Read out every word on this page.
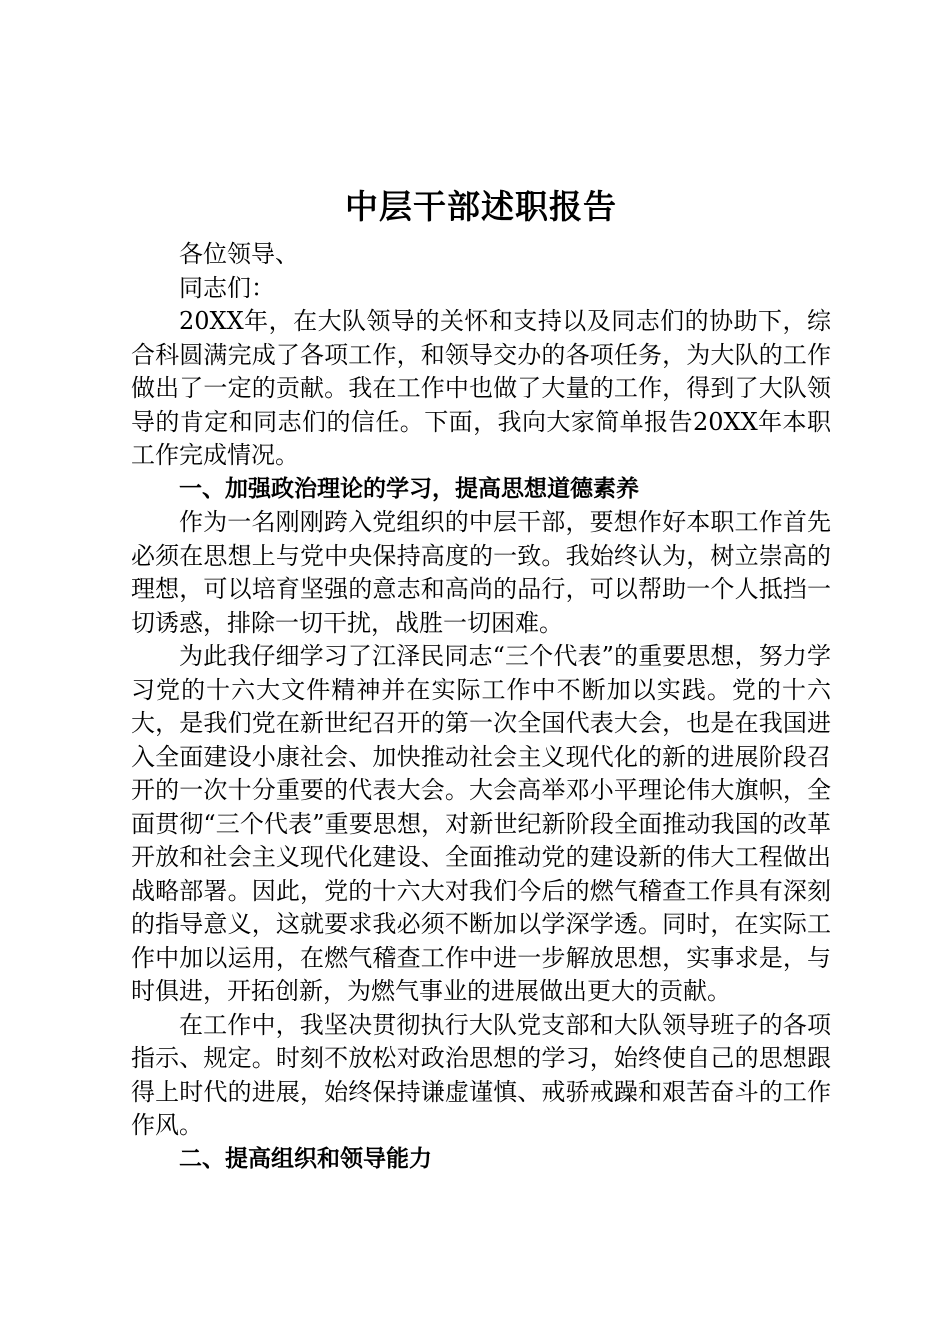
中层干部述职报告

各位领导、

同志们：

20XX年，在大队领导的关怀和支持以及同志们的协助下，综合科圆满完成了各项工作，和领导交办的各项任务，为大队的工作做出了一定的贡献。我在工作中也做了大量的工作，得到了大队领导的肯定和同志们的信任。下面，我向大家简单报告20XX年本职工作完成情况。

一、加强政治理论的学习，提高思想道德素养

作为一名刚刚跨入党组织的中层干部，要想作好本职工作首先必须在思想上与党中央保持高度的一致。我始终认为，树立崇高的理想，可以培育坚强的意志和高尚的品行，可以帮助一个人抵挡一切诱惑，排除一切干扰，战胜一切困难。

为此我仔细学习了江泽民同志“三个代表”的重要思想，努力学习党的十六大文件精神并在实际工作中不断加以实践。党的十六大，是我们党在新世纪召开的第一次全国代表大会，也是在我国进入全面建设小康社会、加快推动社会主义现代化的新的进展阶段召开的一次十分重要的代表大会。大会高举邓小平理论伟大旗帜，全面贯彻“三个代表”重要思想，对新世纪新阶段全面推动我国的改革开放和社会主义现代化建设、全面推动党的建设新的伟大工程做出战略部署。因此，党的十六大对我们今后的燃气稽查工作具有深刻的指导意义，这就要求我必须不断加以学深学透。同时，在实际工作中加以运用，在燃气稽查工作中进一步解放思想，实事求是，与时俱进，开拓创新，为燃气事业的进展做出更大的贡献。

在工作中，我坚决贯彻执行大队党支部和大队领导班子的各项指示、规定。时刻不放松对政治思想的学习，始终使自己的思想跟得上时代的进展，始终保持谦虚谨慎、戒骄戒躁和艰苦奋斗的工作作风。

二、提高组织和领导能力
